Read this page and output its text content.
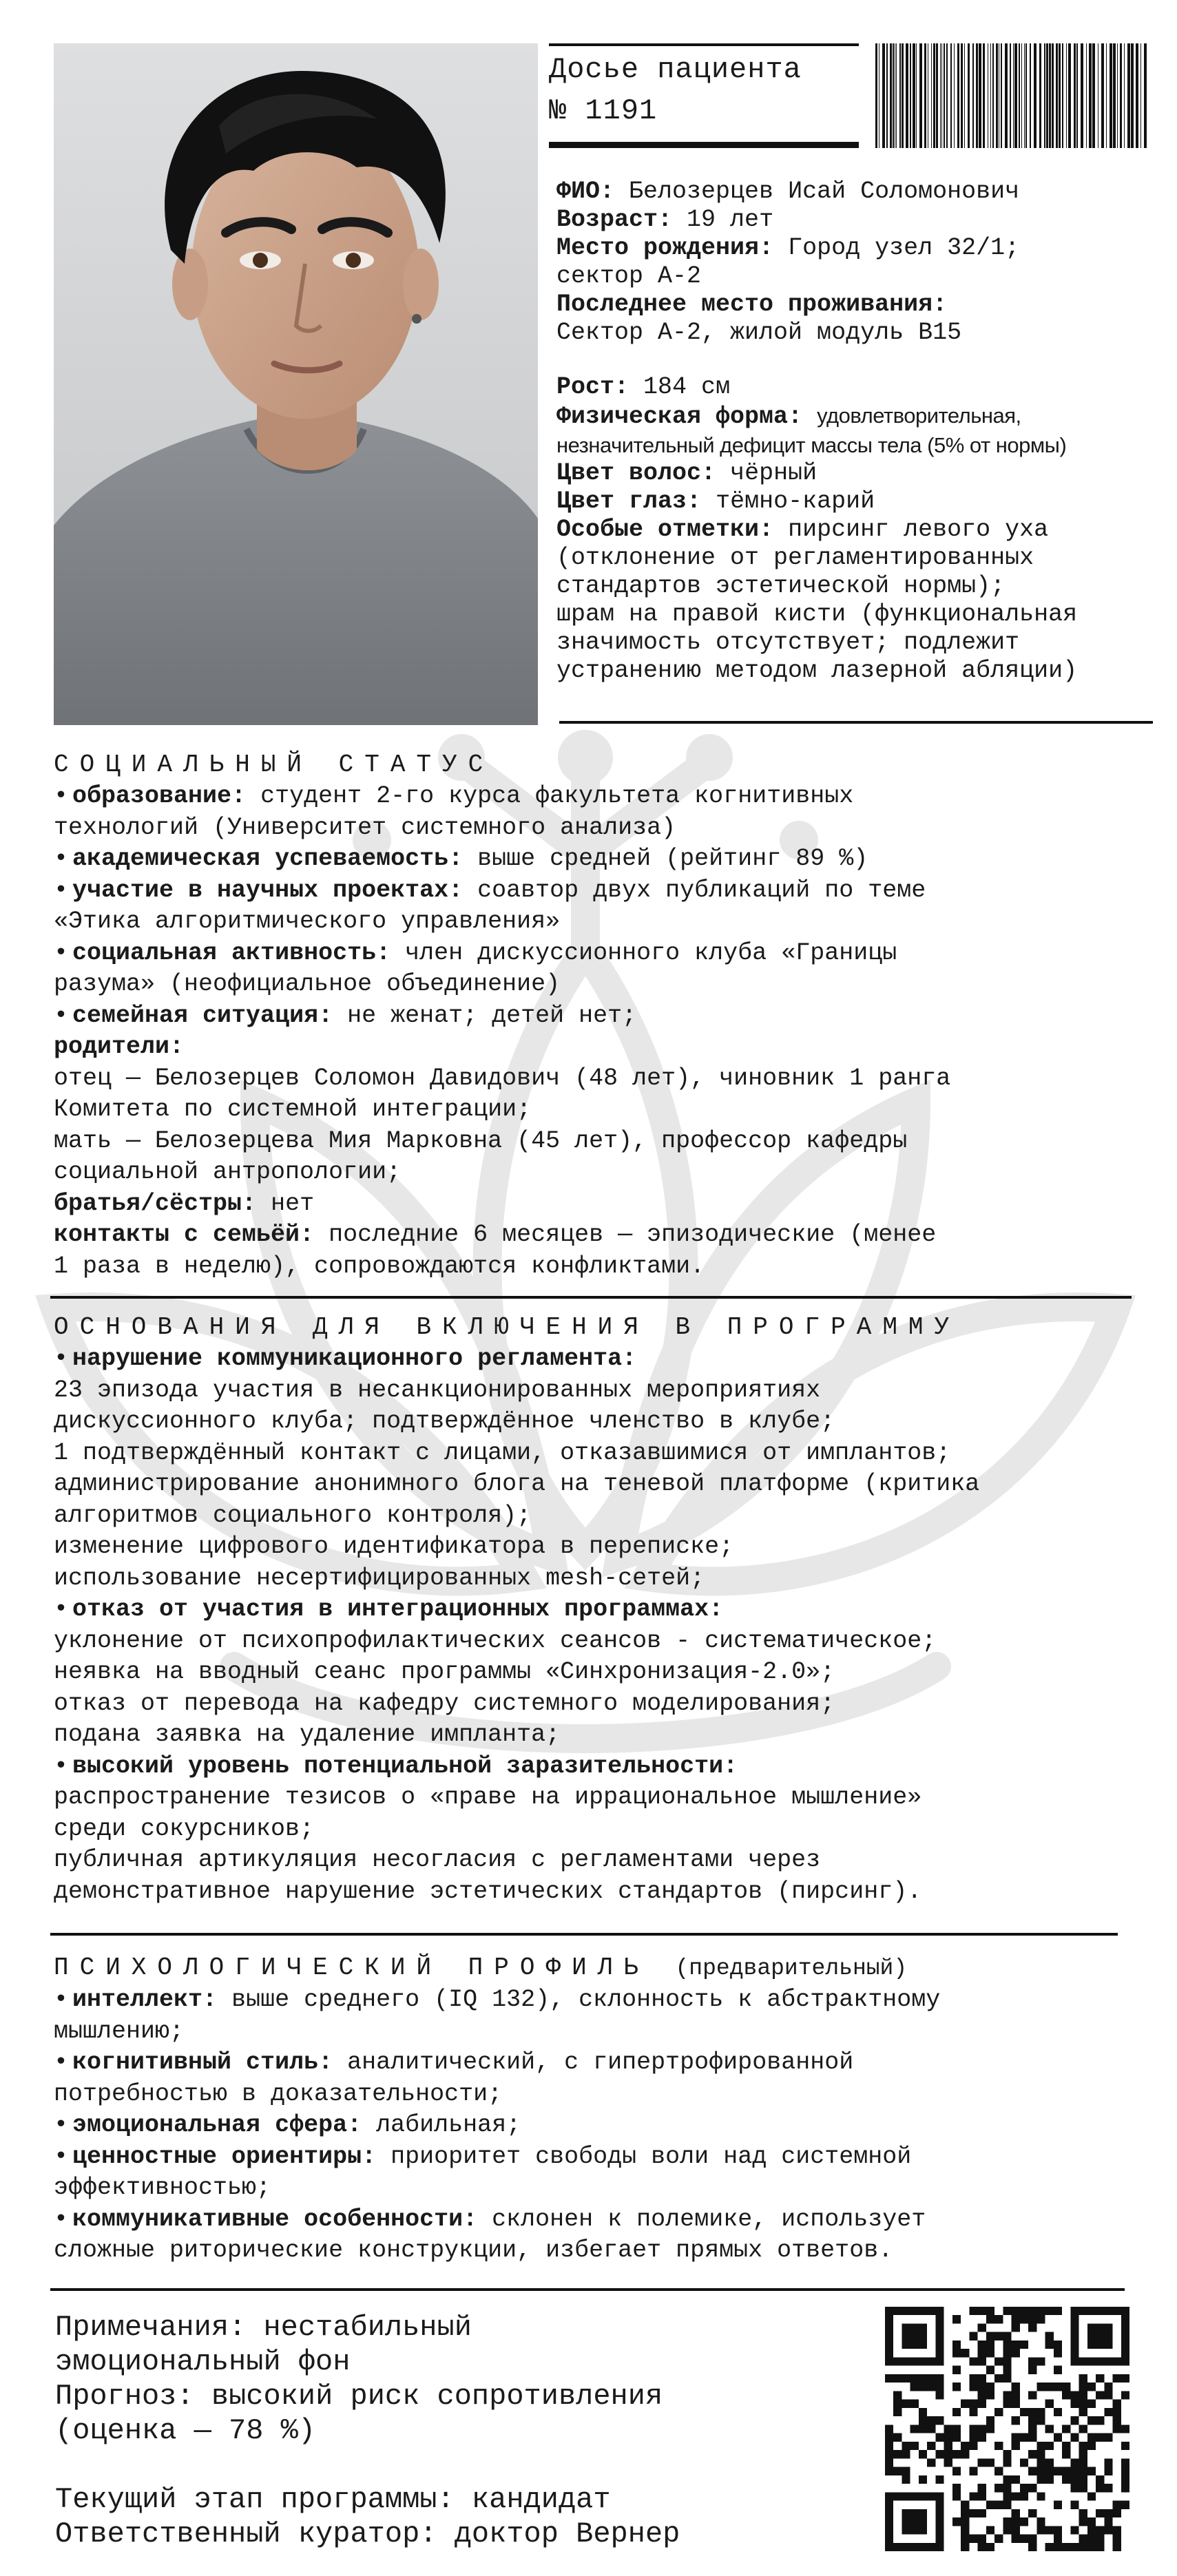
Досье пациента
№ 1191

ФИО: Белозерцев Исай Соломонович

Возраст: 19 лет

Место рождения: Город узел 32/1;

сектор А-2

Последнее место проживания:

Сектор А-2, жилой модуль В15

Рост: 184 см

Физическая форма: удовлетворительная,

незначительный дефицит массы тела (5% от нормы)

Цвет волос: чёрный

Цвет глаз: тёмно-карий

Особые отметки: пирсинг левого уха

(отклонение от регламентированных

стандартов эстетической нормы);

шрам на правой кисти (функциональная

значимость отсутствует; подлежит

устранению методом лазерной абляции)

СОЦИАЛЬНЫЙ СТАТУС

• образование: студент 2-го курса факультета когнитивных

технологий (Университет системного анализа)

• академическая успеваемость: выше средней (рейтинг 89 %)

• участие в научных проектах: соавтор двух публикаций по теме

«Этика алгоритмического управления»

• социальная активность: член дискуссионного клуба «Границы

разума» (неофициальное объединение)

• семейная ситуация: не женат; детей нет;

родители:

отец — Белозерцев Соломон Давидович (48 лет), чиновник 1 ранга

Комитета по системной интеграции;

мать — Белозерцева Мия Марковна (45 лет), профессор кафедры

социальной антропологии;

братья/сёстры: нет

контакты с семьёй: последние 6 месяцев — эпизодические (менее

1 раза в неделю), сопровождаются конфликтами.

ОСНОВАНИЯ ДЛЯ ВКЛЮЧЕНИЯ В ПРОГРАММУ

• нарушение коммуникационного регламента:

23 эпизода участия в несанкционированных мероприятиях

дискуссионного клуба; подтверждённое членство в клубе;

1 подтверждённый контакт с лицами, отказавшимися от имплантов;

администрирование анонимного блога на теневой платформе (критика

алгоритмов социального контроля);

изменение цифрового идентификатора в переписке;

использование несертифицированных mesh-сетей;

• отказ от участия в интеграционных программах:

уклонение от психопрофилактических сеансов - систематическое;

неявка на вводный сеанс программы «Синхронизация-2.0»;

отказ от перевода на кафедру системного моделирования;

подана заявка на удаление импланта;

• высокий уровень потенциальной заразительности:

распространение тезисов о «праве на иррациональное мышление»

среди сокурсников;

публичная артикуляция несогласия с регламентами через

демонстративное нарушение эстетических стандартов (пирсинг).

ПСИХОЛОГИЧЕСКИЙ ПРОФИЛЬ (предварительный)

• интеллект: выше среднего (IQ 132), склонность к абстрактному

мышлению;

• когнитивный стиль: аналитический, с гипертрофированной

потребностью в доказательности;

• эмоциональная сфера: лабильная;

• ценностные ориентиры: приоритет свободы воли над системной

эффективностью;

• коммуникативные особенности: склонен к полемике, использует

сложные риторические конструкции, избегает прямых ответов.

Примечания: нестабильный

эмоциональный фон

Прогноз: высокий риск сопротивления

(оценка — 78 %)

Текущий этап программы: кандидат

Ответственный куратор: доктор Вернер
